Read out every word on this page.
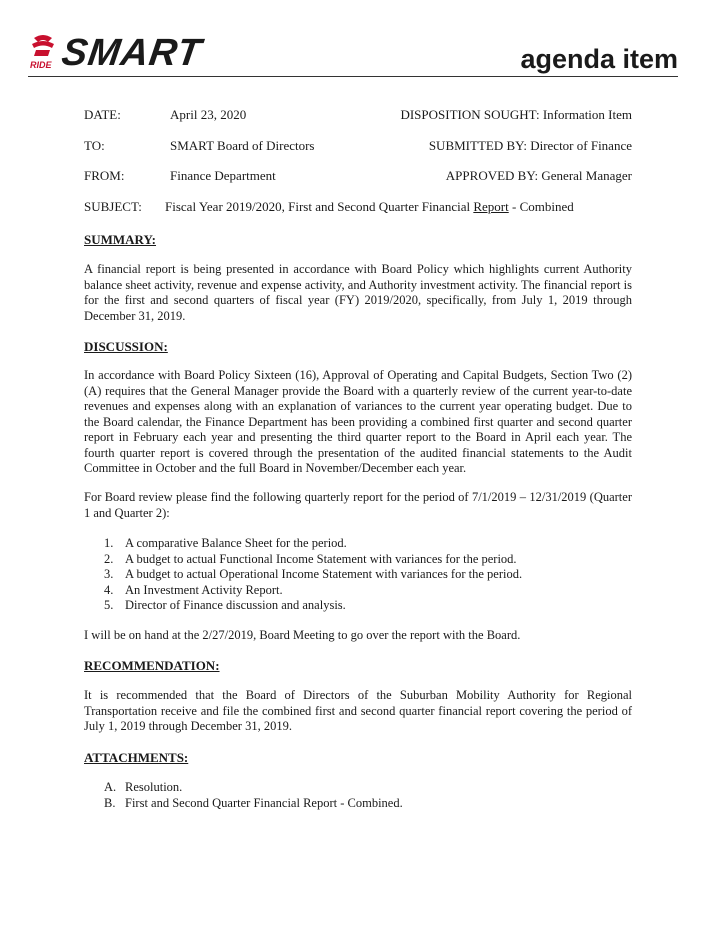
RIDE SMART	agenda item
DATE:	April 23, 2020	DISPOSITION SOUGHT: Information Item
TO:	SMART Board of Directors	SUBMITTED BY: Director of Finance
FROM:	Finance Department	APPROVED BY: General Manager
SUBJECT: Fiscal Year 2019/2020, First and Second Quarter Financial Report - Combined
SUMMARY:

A financial report is being presented in accordance with Board Policy which highlights current Authority balance sheet activity, revenue and expense activity, and Authority investment activity. The financial report is for the first and second quarters of fiscal year (FY) 2019/2020, specifically, from July 1, 2019 through December 31, 2019.

DISCUSSION:

In accordance with Board Policy Sixteen (16), Approval of Operating and Capital Budgets, Section Two (2) (A) requires that the General Manager provide the Board with a quarterly review of the current year-to-date revenues and expenses along with an explanation of variances to the current year operating budget. Due to the Board calendar, the Finance Department has been providing a combined first quarter and second quarter report in February each year and presenting the third quarter report to the Board in April each year. The fourth quarter report is covered through the presentation of the audited financial statements to the Audit Committee in October and the full Board in November/December each year.

For Board review please find the following quarterly report for the period of 7/1/2019 – 12/31/2019 (Quarter 1 and Quarter 2):

1. A comparative Balance Sheet for the period.
2. A budget to actual Functional Income Statement with variances for the period.
3. A budget to actual Operational Income Statement with variances for the period.
4. An Investment Activity Report.
5. Director of Finance discussion and analysis.

I will be on hand at the 2/27/2019, Board Meeting to go over the report with the Board.

RECOMMENDATION:

It is recommended that the Board of Directors of the Suburban Mobility Authority for Regional Transportation receive and file the combined first and second quarter financial report covering the period of July 1, 2019 through December 31, 2019.

ATTACHMENTS:
A. Resolution.
B. First and Second Quarter Financial Report - Combined.
